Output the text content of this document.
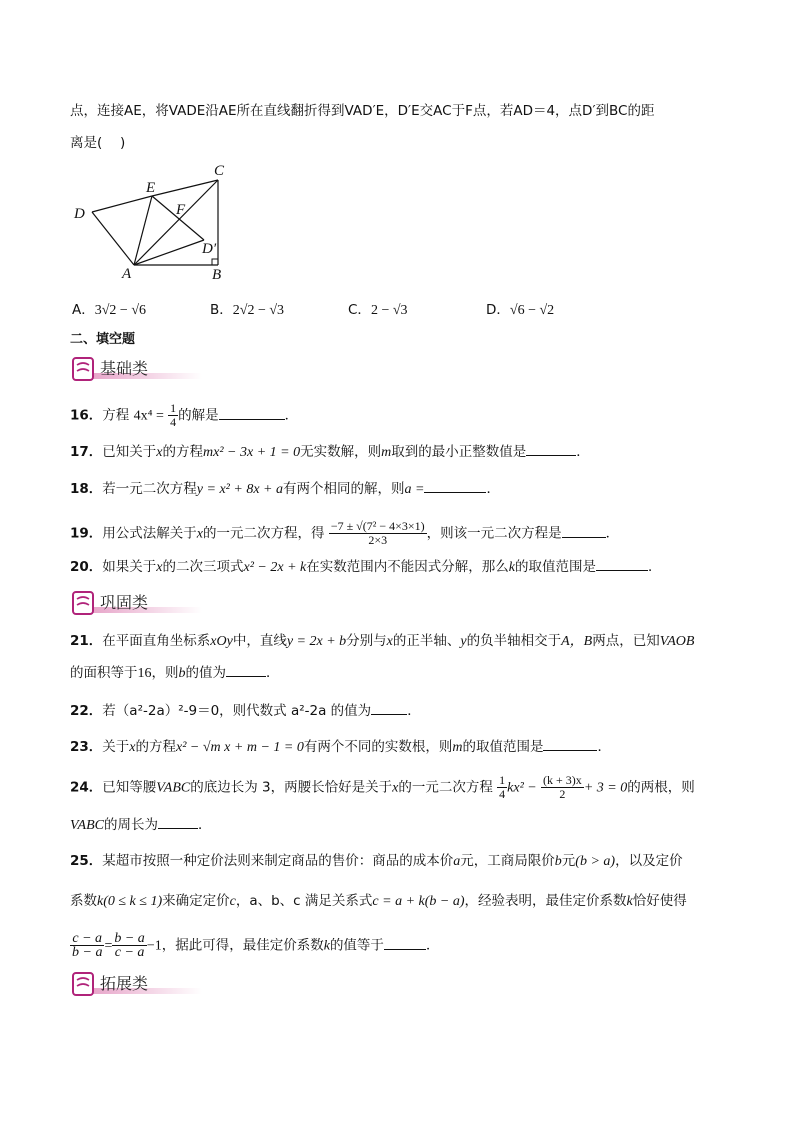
点，连接AE，将VADE沿AE所在直线翻折得到VAD′E，D′E交AC于F点，若AD＝4，点D′到BC的距
离是(　 )
C
E
F
D
D′
A	B
A．3√2 − √6	B．2√2 − √3	C．2 − √3	D．√6 − √2
二、填空题
基础类
16．方程 $4x^4 = \frac{1}{4}$ 的解是	．
17．已知关于x的方程mx² − 3x + 1 = 0无实数解，则m取到的最小正整数值是	．
18．若一元二次方程y = x² + 8x + a有两个相同的解，则a =	．
19．用公式法解关于x的一元二次方程，得 $\frac{\text{−7 ± √(7² − 4×3×1)}}{2\times 3}$ ，则该一元二次方程是	．
20．如果关于x的二次三项式x² − 2x + k在实数范围内不能因式分解，那么k的取值范围是	．
巩固类
21．在平面直角坐标系xOy中，直线y = 2x + b分别与x的正半轴、y的负半轴相交于A，B两点，已知VAOB
的面积等于16，则b的值为	．
22．若（a²-2a）²-9＝0，则代数式 a²-2a 的值为	．
23．关于x的方程x² − √m x + m − 1 = 0有两个不同的实数根，则m的取值范围是	．
24．已知等腰VABC的底边长为 3，两腰长恰好是关于x的一元二次方程 $\frac{1}{4} kx^2 - \frac{(k + 3)x}{2} + 3 = 0$的两根，则
VABC的周长为	．
25．某超市按照一种定价法则来制定商品的售价：商品的成本价a元，工商局限价b元(b > a)，以及定价
系数k(0 ≤ k ≤ 1)来确定定价c，a、b、c 满足关系式c = a + k(b − a)，经验表明，最佳定价系数k恰好使得
$\frac{c - a}{b - a} = \frac{b - a}{c - a} -1$，据此可得，最佳定价系数k的值等于	．
拓展类
